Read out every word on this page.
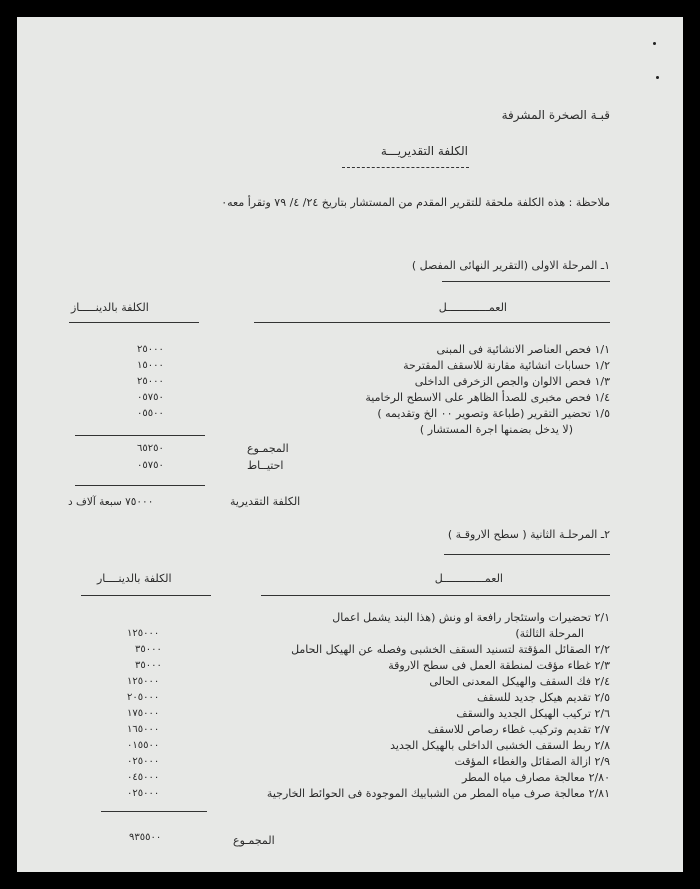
قبـة الصخرة المشرفة
الكلفة التقديريـــة
ملاحظة : هذه الكلفة ملحقة للتقرير المقدم من المستشار بتاريخ ٢٤/ ٤/ ٧٩ وتقرأ معه٠
١ـ المرحلة الاولى (التقرير النهائى المفصل )
العمـــــــــــــل
الكلفة بالدينـــــاز
١/١ فحص العناصر الانشائية فى المبنى
١/٢ حسابات انشائية مقارنة للاسقف المقترحة
١/٣ فحص الالوان والجص الزخرفى الداخلى
١/٤ فحص مخبرى للصدأ الظاهر على الاسطح الرخامية
١/٥ تحضير التقرير (طباعة وتصوير ٠٠ الخ وتقديمه )
(لا يدخل بضمنها اجرة المستشار )
٢٥٠٠٠
١٥٠٠٠
٢٥٠٠٠
٠٥٧٥٠
٠٥٥٠٠
المجمـوع
٦٥٢٥٠
احتيــاط
٠٥٧٥٠
الكلفة التقديرية
٧٥٠٠٠ سبعة آلاف د
٢ـ المرحلـة الثانية ( سطح الاروقـة )
العمـــــــــــــل
الكلفة بالدينــــار
٢/١ تحضيرات واستئجار رافعة او ونش (هذا البند يشمل اعمال
المرحلة الثالثة)
٢/٢ الصقائل المؤقتة لتسنيد السقف الخشبى وفصله عن الهيكل الحامل
٢/٣ غطاء مؤقت لمنطقة العمل فى سطح الاروقة
٢/٤ فك السقف والهيكل المعدنى الحالى
٢/٥ تقديم هيكل جديد للسقف
٢/٦ تركيب الهيكل الجديد والسقف
٢/٧ تقديم وتركيب غطاء رصاص للاسقف
٢/٨ ربط السقف الخشبى الداخلى بالهيكل الجديد
٢/٩ ازالة الصقائل والغطاء المؤقت
٢/٨٠ معالجة مصارف مياه المطر
٢/٨١ معالجة صرف مياه المطر من الشبابيك الموجودة فى الحوائط الخارجية
١٢٥٠٠٠
٣٥٠٠٠
٣٥٠٠٠
١٢٥٠٠٠
٢٠٥٠٠٠
١٧٥٠٠٠
١٦٥٠٠٠
٠١٥٥٠٠
٠٢٥٠٠٠
٠٤٥٠٠٠
٠٢٥٠٠٠
المجمـوع
٩٣٥٥٠٠
